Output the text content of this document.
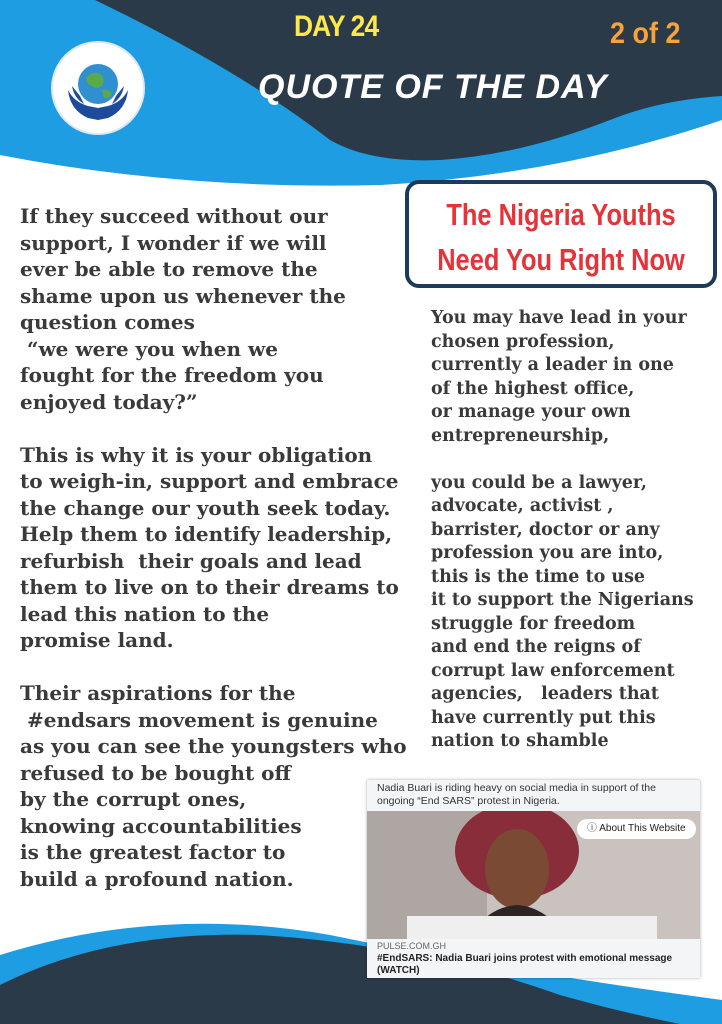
DAY 24	2 of 2
QUOTE OF THE DAY
The Nigeria Youths
Need You Right Now
If they succeed without our
support, I wonder if we will
ever be able to remove the
shame upon us whenever the
question comes
“we were you when we
fought for the freedom you
enjoyed today?”

This is why it is your obligation
to weigh-in, support and embrace
the change our youth seek today.
Help them to identify leadership,
refurbish  their goals and lead
them to live on to their dreams to
lead this nation to the
promise land.

Their aspirations for the
#endsars movement is genuine
as you can see the youngsters who
refused to be bought off
by the corrupt ones,
knowing accountabilities
is the greatest factor to
build a profound nation.
You may have lead in your
chosen profession,
currently a leader in one
of the highest office,
or manage your own
entrepreneurship,

you could be a lawyer,
advocate, activist ,
barrister, doctor or any
profession you are into,
this is the time to use
it to support the Nigerians
struggle for freedom
and end the reigns of
corrupt law enforcement
agencies,   leaders that
have currently put this
nation to shamble
Nadia Buari is riding heavy on social media in support of the ongoing “End SARS” protest in Nigeria.
ⓘ About This Website
PULSE.COM.GH
#EndSARS: Nadia Buari joins protest with emotional message (WATCH)
